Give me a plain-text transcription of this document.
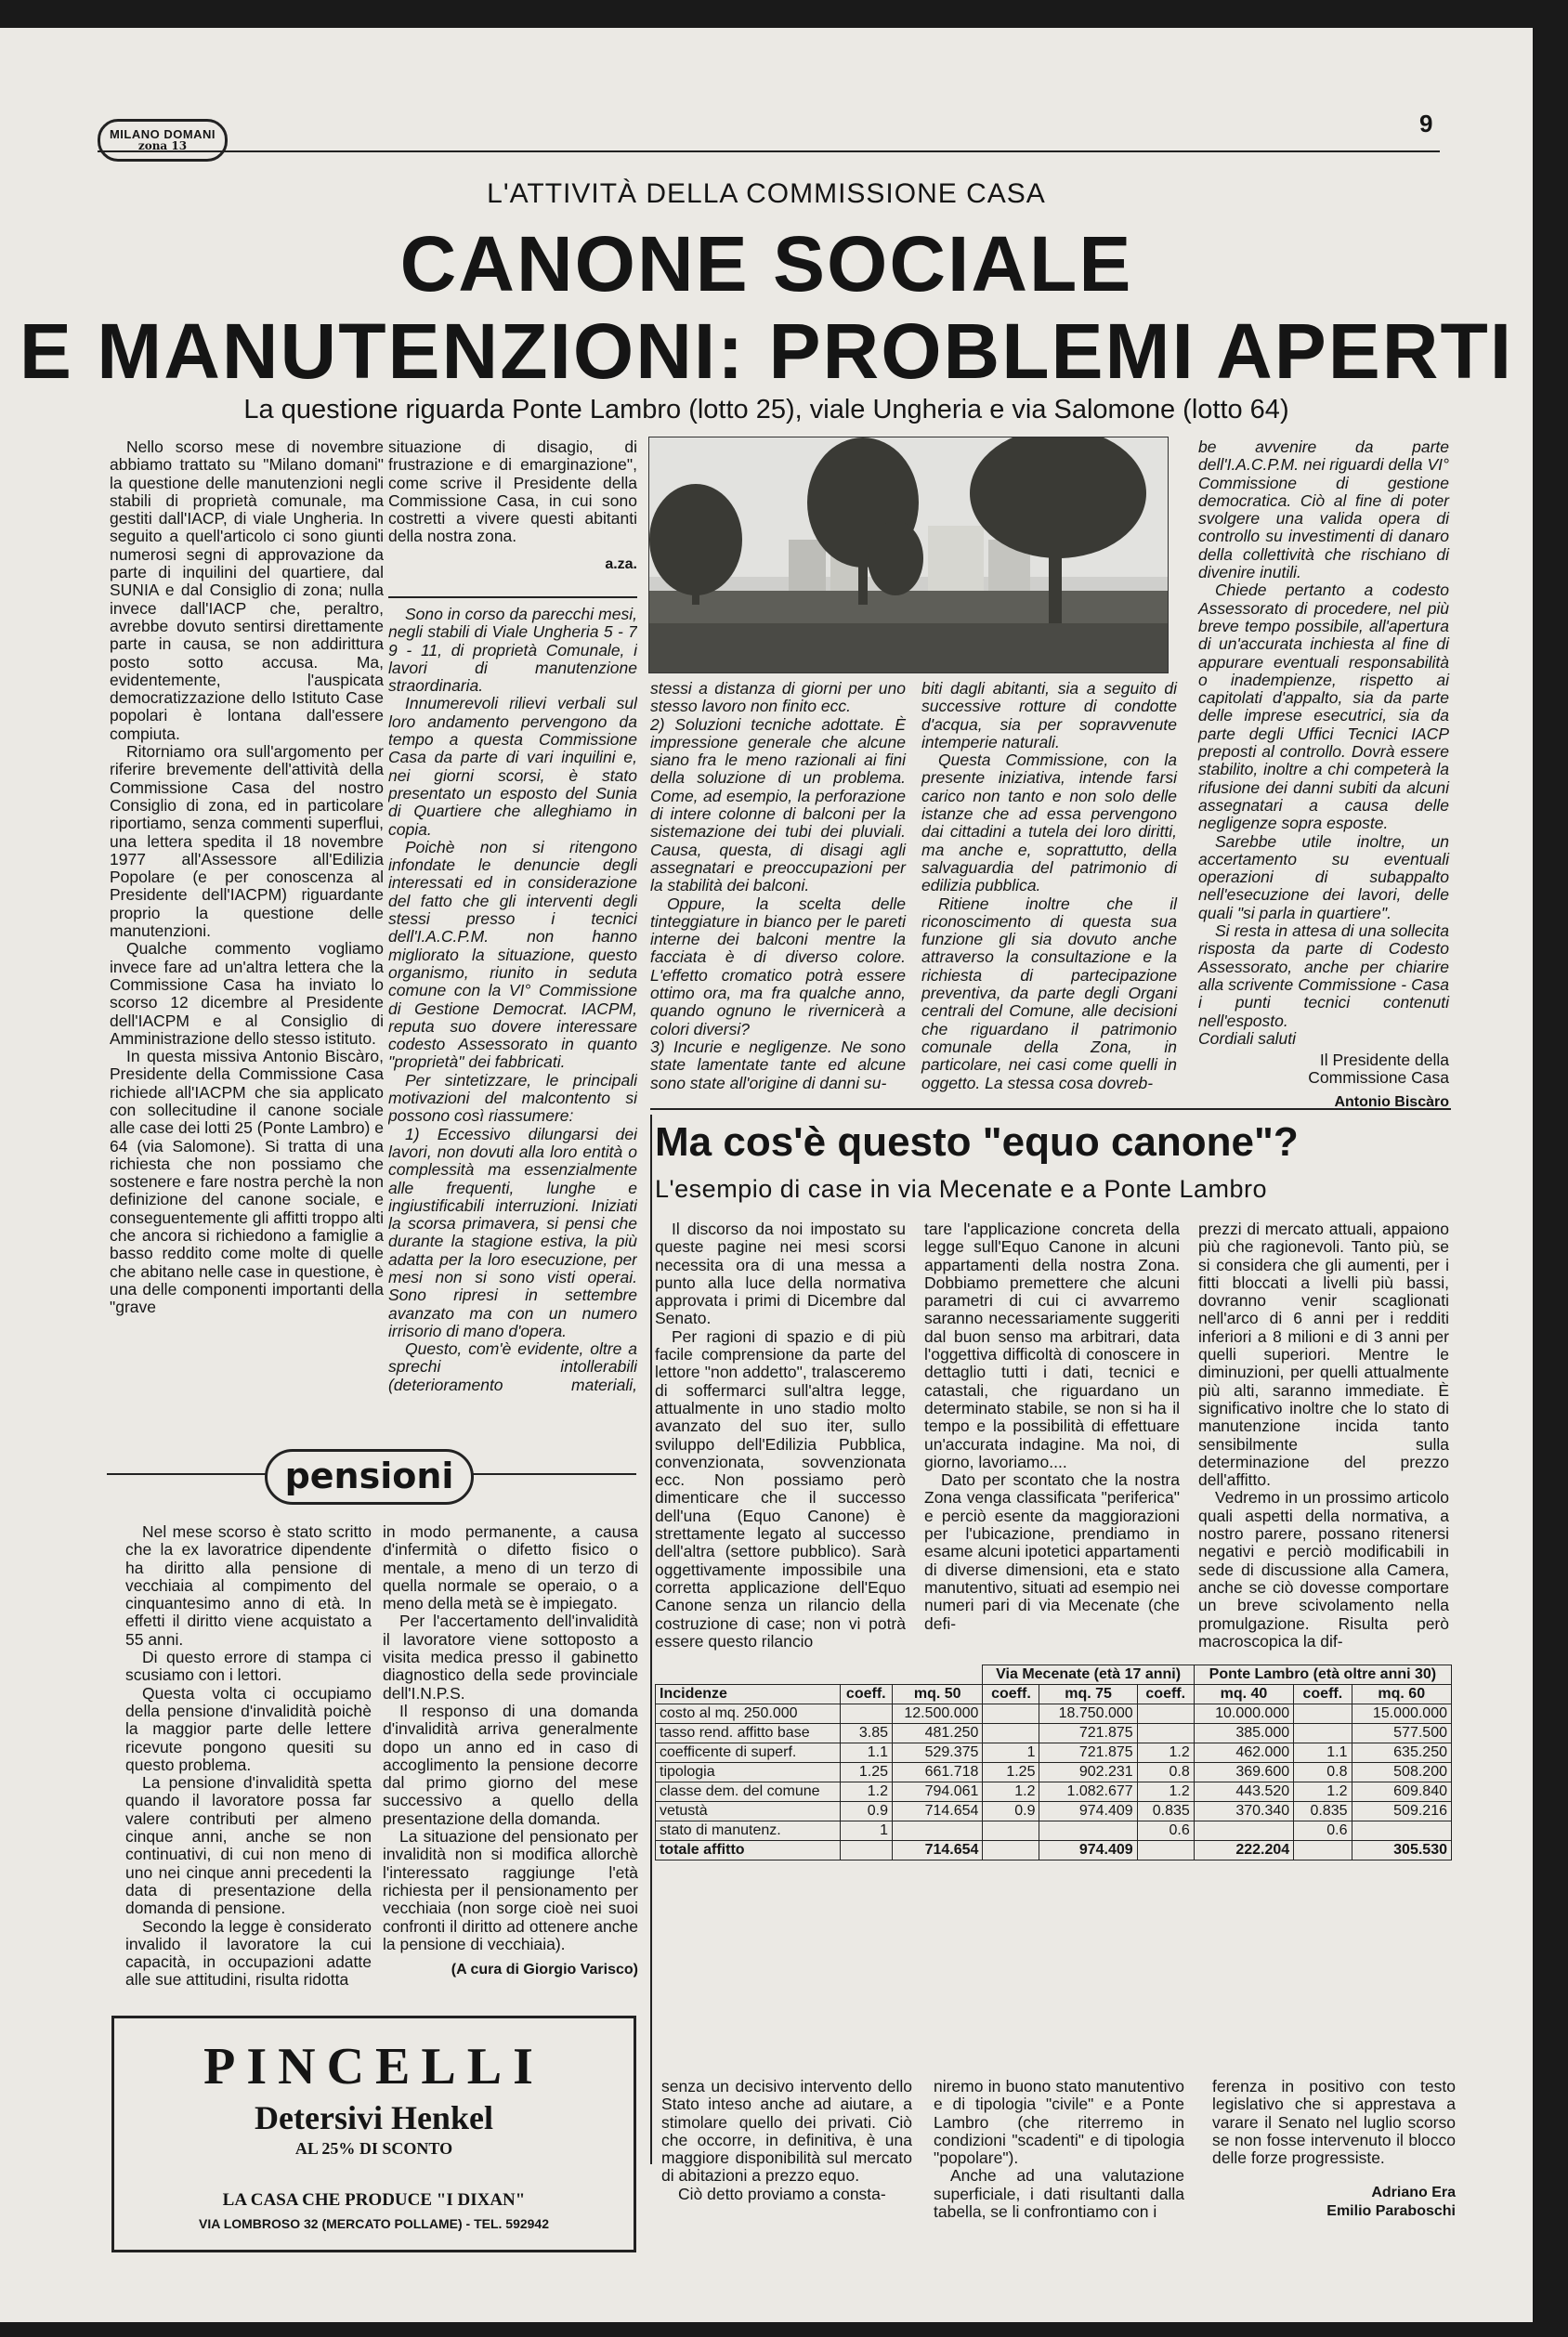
MILANO DOMANI
zona 13
9
L'ATTIVITÀ DELLA COMMISSIONE CASA
CANONE SOCIALE
E MANUTENZIONI: PROBLEMI APERTI
La questione riguarda Ponte Lambro (lotto 25), viale Ungheria e via Salomone (lotto 64)

Nello scorso mese di novembre abbiamo trattato su "Milano domani" la questione delle manutenzioni negli stabili di proprietà comunale, ma gestiti dall'IACP, di viale Ungheria. In seguito a quell'articolo ci sono giunti numerosi segni di approvazione da parte di inquilini del quartiere, dal SUNIA e dal Consiglio di zona; nulla invece dall'IACP che, peraltro, avrebbe dovuto sentirsi direttamente parte in causa, se non addirittura posto sotto accusa. Ma, evidentemente, l'auspicata democratizzazione dello Istituto Case popolari è lontana dall'essere compiuta.

Ritorniamo ora sull'argomento per riferire brevemente dell'attività della Commissione Casa del nostro Consiglio di zona, ed in particolare riportiamo, senza commenti superflui, una lettera spedita il 18 novembre 1977 all'Assessore all'Edilizia Popolare (e per conoscenza al Presidente dell'IACPM) riguardante proprio la questione delle manutenzioni.

Qualche commento vogliamo invece fare ad un'altra lettera che la Commissione Casa ha inviato lo scorso 12 dicembre al Presidente dell'IACPM e al Consiglio di Amministrazione dello stesso istituto.

In questa missiva Antonio Biscàro, Presidente della Commissione Casa richiede all'IACPM che sia applicato con sollecitudine il canone sociale alle case dei lotti 25 (Ponte Lambro) e 64 (via Salomone). Si tratta di una richiesta che non possiamo che sostenere e fare nostra perchè la non definizione del canone sociale, e conseguentemente gli affitti troppo alti che ancora si richiedono a famiglie a basso reddito come molte di quelle che abitano nelle case in questione, è una delle componenti importanti della "grave

situazione di disagio, di frustrazione e di emarginazione", come scrive il Presidente della Commissione Casa, in cui sono costretti a vivere questi abitanti della nostra zona.

a.za.

Sono in corso da parecchi mesi, negli stabili di Viale Ungheria 5 - 7 9 - 11, di proprietà Comunale, i lavori di manutenzione straordinaria.

Innumerevoli rilievi verbali sul loro andamento pervengono da tempo a questa Commissione Casa da parte di vari inquilini e, nei giorni scorsi, è stato presentato un esposto del Sunia di Quartiere che alleghiamo in copia.

Poichè non si ritengono infondate le denuncie degli interessati ed in considerazione del fatto che gli interventi degli stessi presso i tecnici dell'I.A.C.P.M. non hanno migliorato la situazione, questo organismo, riunito in seduta comune con la VI° Commissione di Gestione Democrat. IACPM, reputa suo dovere interessare codesto Assessorato in quanto "proprietà" dei fabbricati.

Per sintetizzare, le principali motivazioni del malcontento si possono così riassumere:

1) Eccessivo dilungarsi dei lavori, non dovuti alla loro entità o complessità ma essenzialmente alle frequenti, lunghe e ingiustificabili interruzioni. Iniziati la scorsa primavera, si pensi che durante la stagione estiva, la più adatta per la loro esecuzione, per mesi non si sono visti operai. Sono ripresi in settembre avanzato ma con un numero irrisorio di mano d'opera.

Questo, com'è evidente, oltre a sprechi intollerabili (deterioramento materiali,

stessi a distanza di giorni per uno stesso lavoro non finito ecc.

2) Soluzioni tecniche adottate. È impressione generale che alcune siano fra le meno razionali ai fini della soluzione di un problema. Come, ad esempio, la perforazione di intere colonne di balconi per la sistemazione dei tubi dei pluviali. Causa, questa, di disagi agli assegnatari e preoccupazioni per la stabilità dei balconi.

Oppure, la scelta delle tinteggiature in bianco per le pareti interne dei balconi mentre la facciata è di diverso colore. L'effetto cromatico potrà essere ottimo ora, ma fra qualche anno, quando ognuno le rivernicerà a colori diversi?

3) Incurie e negligenze. Ne sono state lamentate tante ed alcune sono state all'origine di danni su-

biti dagli abitanti, sia a seguito di successive rotture di condotte d'acqua, sia per sopravvenute intemperie naturali.

Questa Commissione, con la presente iniziativa, intende farsi carico non tanto e non solo delle istanze che ad essa pervengono dai cittadini a tutela dei loro diritti, ma anche e, soprattutto, della salvaguardia del patrimonio di edilizia pubblica.

Ritiene inoltre che il riconoscimento di questa sua funzione gli sia dovuto anche attraverso la consultazione e la richiesta di partecipazione preventiva, da parte degli Organi centrali del Comune, alle decisioni che riguardano il patrimonio comunale della Zona, in particolare, nei casi come quelli in oggetto. La stessa cosa dovreb-

be avvenire da parte dell'I.A.C.P.M. nei riguardi della VI° Commissione di gestione democratica. Ciò al fine di poter svolgere una valida opera di controllo su investimenti di danaro della collettività che rischiano di divenire inutili.

Chiede pertanto a codesto Assessorato di procedere, nel più breve tempo possibile, all'apertura di un'accurata inchiesta al fine di appurare eventuali responsabilità o inadempienze, rispetto ai capitolati d'appalto, sia da parte delle imprese esecutrici, sia da parte degli Uffici Tecnici IACP preposti al controllo. Dovrà essere stabilito, inoltre a chi competerà la rifusione dei danni subiti da alcuni assegnatari a causa delle negligenze sopra esposte.

Sarebbe utile inoltre, un accertamento su eventuali operazioni di subappalto nell'esecuzione dei lavori, delle quali "si parla in quartiere".

Si resta in attesa di una sollecita risposta da parte di Codesto Assessorato, anche per chiarire alla scrivente Commissione - Casa i punti tecnici contenuti nell'esposto.

Cordiali saluti

Il Presidente della
Commissione Casa
Antonio Biscàro
Ma cos'è questo "equo canone"?
L'esempio di case in via Mecenate e a Ponte Lambro

Il discorso da noi impostato su queste pagine nei mesi scorsi necessita ora di una messa a punto alla luce della normativa approvata i primi di Dicembre dal Senato.

Per ragioni di spazio e di più facile comprensione da parte del lettore "non addetto", tralasceremo di soffermarci sull'altra legge, attualmente in uno stadio molto avanzato del suo iter, sullo sviluppo dell'Edilizia Pubblica, convenzionata, sovvenzionata ecc. Non possiamo però dimenticare che il successo dell'una (Equo Canone) è strettamente legato al successo dell'altra (settore pubblico). Sarà oggettivamente impossibile una corretta applicazione dell'Equo Canone senza un rilancio della costruzione di case; non vi potrà essere questo rilancio

tare l'applicazione concreta della legge sull'Equo Canone in alcuni appartamenti della nostra Zona. Dobbiamo premettere che alcuni parametri di cui ci avvarremo saranno necessariamente suggeriti dal buon senso ma arbitrari, data l'oggettiva difficoltà di conoscere in dettaglio tutti i dati, tecnici e catastali, che riguardano un determinato stabile, se non si ha il tempo e la possibilità di effettuare un'accurata indagine. Ma noi, di giorno, lavoriamo....

Dato per scontato che la nostra Zona venga classificata "periferica" e perciò esente da maggiorazioni per l'ubicazione, prendiamo in esame alcuni ipotetici appartamenti di diverse dimensioni, eta e stato manutentivo, situati ad esempio nei numeri pari di via Mecenate (che defi-

prezzi di mercato attuali, appaiono più che ragionevoli. Tanto più, se si considera che gli aumenti, per i fitti bloccati a livelli più bassi, dovranno venir scaglionati nell'arco di 6 anni per i redditi inferiori a 8 milioni e di 3 anni per quelli superiori. Mentre le diminuzioni, per quelli attualmente più alti, saranno immediate. È significativo inoltre che lo stato di manutenzione incida tanto sensibilmente sulla determinazione del prezzo dell'affitto.

Vedremo in un prossimo articolo quali aspetti della normativa, a nostro parere, possano ritenersi negativi e perciò modificabili in sede di discussione alla Camera, anche se ciò dovesse comportare un breve scivolamento nella promulgazione. Risulta però macroscopica la dif-

			Via Mecenate (età 17 anni)			Ponte Lambro (età oltre anni 30)		
Incidenze	coeff.	mq. 50	coeff.	mq. 75	coeff.	mq. 40	coeff.	mq. 60
costo al mq. 250.000		12.500.000		18.750.000		10.000.000		15.000.000
tasso rend. affitto base	3.85	481.250		721.875		385.000		577.500
coefficente di superf.	1.1	529.375	1	721.875	1.2	462.000	1.1	635.250
tipologia	1.25	661.718	1.25	902.231	0.8	369.600	0.8	508.200
classe dem. del comune	1.2	794.061	1.2	1.082.677	1.2	443.520	1.2	609.840
vetustà	0.9	714.654	0.9	974.409	0.835	370.340	0.835	509.216
stato di manutenz.	1				0.6		0.6	
totale affitto		714.654		974.409		222.204		305.530

senza un decisivo intervento dello Stato inteso anche ad aiutare, a stimolare quello dei privati. Ciò che occorre, in definitiva, è una maggiore disponibilità sul mercato di abitazioni a prezzo equo.

Ciò detto proviamo a consta-

niremo in buono stato manutentivo e di tipologia "civile" e a Ponte Lambro (che riterremo in condizioni "scadenti" e di tipologia "popolare").

Anche ad una valutazione superficiale, i dati risultanti dalla tabella, se li confrontiamo con i

ferenza in positivo con testo legislativo che si apprestava a varare il Senato nel luglio scorso se non fosse intervenuto il blocco delle forze progressiste.

Adriano Era
Emilio Paraboschi
pensioni

Nel mese scorso è stato scritto che la ex lavoratrice dipendente ha diritto alla pensione di vecchiaia al compimento del cinquantesimo anno di età. In effetti il diritto viene acquistato a 55 anni.

Di questo errore di stampa ci scusiamo con i lettori.

Questa volta ci occupiamo della pensione d'invalidità poichè la maggior parte delle lettere ricevute pongono quesiti su questo problema.

La pensione d'invalidità spetta quando il lavoratore possa far valere contributi per almeno cinque anni, anche se non continuativi, di cui non meno di uno nei cinque anni precedenti la data di presentazione della domanda di pensione.

Secondo la legge è considerato invalido il lavoratore la cui capacità, in occupazioni adatte alle sue attitudini, risulta ridotta

in modo permanente, a causa d'infermità o difetto fisico o mentale, a meno di un terzo di quella normale se operaio, o a meno della metà se è impiegato.

Per l'accertamento dell'invalidità il lavoratore viene sottoposto a visita medica presso il gabinetto diagnostico della sede provinciale dell'I.N.P.S.

Il responso di una domanda d'invalidità arriva generalmente dopo un anno ed in caso di accoglimento la pensione decorre dal primo giorno del mese successivo a quello della presentazione della domanda.

La situazione del pensionato per invalidità non si modifica allorchè l'interessato raggiunge l'età richiesta per il pensionamento per vecchiaia (non sorge cioè nei suoi confronti il diritto ad ottenere anche la pensione di vecchiaia).

(A cura di Giorgio Varisco)
PINCELLI
Detersivi Henkel
AL 25% DI SCONTO
LA CASA CHE PRODUCE "I DIXAN"
VIA LOMBROSO 32 (MERCATO POLLAME) - TEL. 592942
